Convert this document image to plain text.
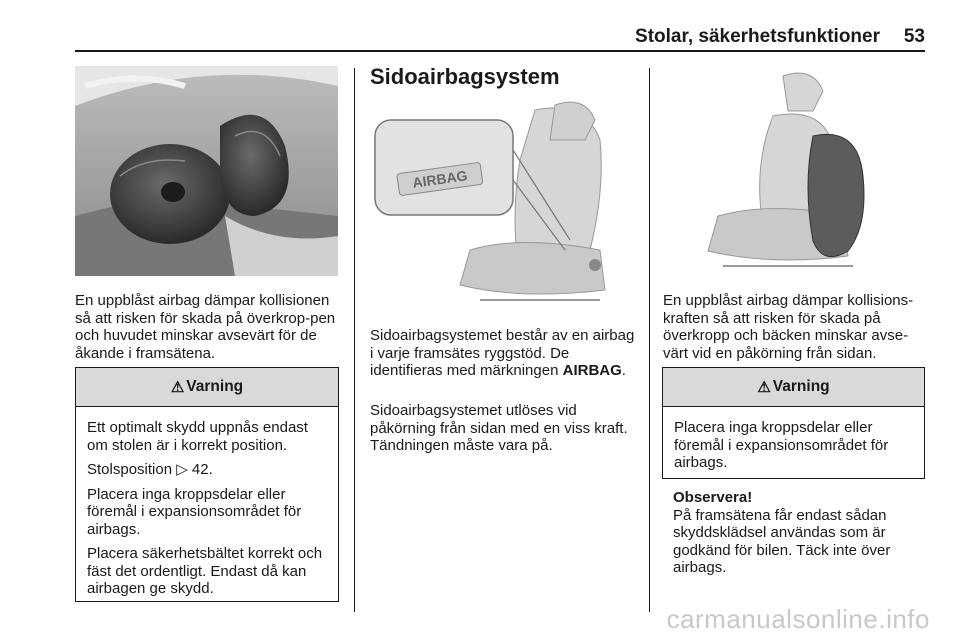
Stolar, säkerhetsfunktioner 53

En uppblåst airbag dämpar kollisionen så att risken för skada på överkrop-pen och huvudet minskar avsevärt för de åkande i framsätena.

⚠ Varning

Ett optimalt skydd uppnås endast om stolen är i korrekt position.

Stolsposition ▷ 42.

Placera inga kroppsdelar eller föremål i expansionsområdet för airbags.

Placera säkerhetsbältet korrekt och fäst det ordentligt. Endast då kan airbagen ge skydd.

Sidoairbagsystem
AIRBAG

Sidoairbagsystemet består av en airbag i varje framsätes ryggstöd. De identifieras med märkningen AIRBAG.

Sidoairbagsystemet utlöses vid påkörning från sidan med en viss kraft. Tändningen måste vara på.

En uppblåst airbag dämpar kollisions-kraften så att risken för skada på överkropp och bäcken minskar avse-värt vid en påkörning från sidan.

⚠ Varning

Placera inga kroppsdelar eller föremål i expansionsområdet för airbags.

Observera!
På framsätena får endast sådan skyddsklädsel användas som är godkänd för bilen. Täck inte över airbags.
carmanualsonline.info
